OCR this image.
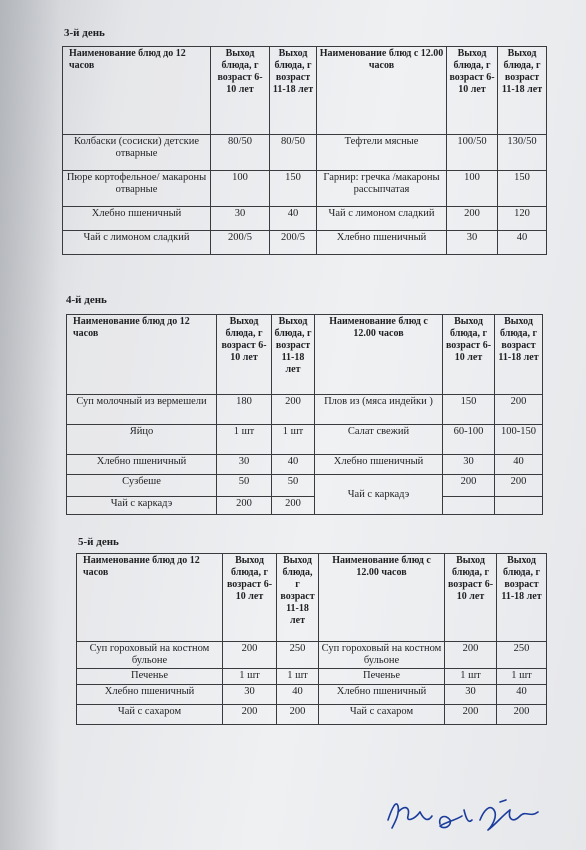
3-й день
Наименование блюд до 12 часов	Выход блюда, г возраст 6-10 лет	Выход блюда, г возраст 11-18 лет	Наименование блюд с 12.00 часов	Выход блюда, г возраст 6-10 лет	Выход блюда, г возраст 11-18 лет
Колбаски (сосиски) детские отварные	80/50	80/50	Тефтели мясные	100/50	130/50
Пюре кортофельное/ макароны отварные	100	150	Гарнир: гречка /макароны рассыпчатая	100	150
Хлебно пшеничный	30	40	Чай с лимоном сладкий	200	120
Чай с лимоном сладкий	200/5	200/5	Хлебно пшеничный	30	40
4-й день
Наименование блюд до 12 часов	Выход блюда, г возраст 6-10 лет	Выход блюда, г возраст 11-18 лет	Наименование блюд с 12.00 часов	Выход блюда, г возраст 6-10 лет	Выход блюда, г возраст 11-18 лет
Суп молочный из вермешели	180	200	Плов из (мяса индейки )	150	200
Яйцо	1 шт	1 шт	Салат свежий	60-100	100-150
Хлебно пшеничный	30	40	Хлебно пшеничный	30	40
Сузбеше	50	50	Чай с каркадэ	200	200
Чай с каркадэ	200	200			
5-й день
Наименование блюд до 12 часов	Выход блюда, г возраст 6-10 лет	Выход блюда, г возраст 11-18 лет	Наименование блюд с 12.00 часов	Выход блюда, г возраст 6-10 лет	Выход блюда, г возраст 11-18 лет
Суп гороховый на костном бульоне	200	250	Суп гороховый на костном бульоне	200	250
Печенье	1 шт	1 шт	Печенье	1 шт	1 шт
Хлебно пшеничный	30	40	Хлебно пшеничный	30	40
Чай с сахаром	200	200	Чай с сахаром	200	200
